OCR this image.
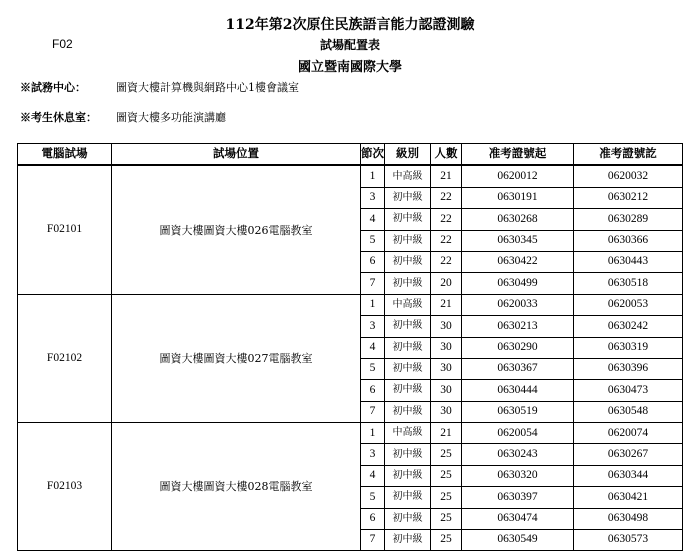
F02
112年第2次原住民族語言能力認證測驗
試場配置表
國立暨南國際大學
※試務中心：	圖資大樓計算機與網路中心1樓會議室
※考生休息室： 圖資大樓多功能演講廳
電腦試場	試場位置	節次	級別	人數	准考證號起	准考證號訖
F02101	圖資大樓圖資大樓026電腦教室	1	中高級	21	0620012	0620032
		3	初中級	22	0630191	0630212
		4	初中級	22	0630268	0630289
		5	初中級	22	0630345	0630366
		6	初中級	22	0630422	0630443
		7	初中級	20	0630499	0630518
F02102	圖資大樓圖資大樓027電腦教室	1	中高級	21	0620033	0620053
		3	初中級	30	0630213	0630242
		4	初中級	30	0630290	0630319
		5	初中級	30	0630367	0630396
		6	初中級	30	0630444	0630473
		7	初中級	30	0630519	0630548
F02103	圖資大樓圖資大樓028電腦教室	1	中高級	21	0620054	0620074
		3	初中級	25	0630243	0630267
		4	初中級	25	0630320	0630344
		5	初中級	25	0630397	0630421
		6	初中級	25	0630474	0630498
		7	初中級	25	0630549	0630573
